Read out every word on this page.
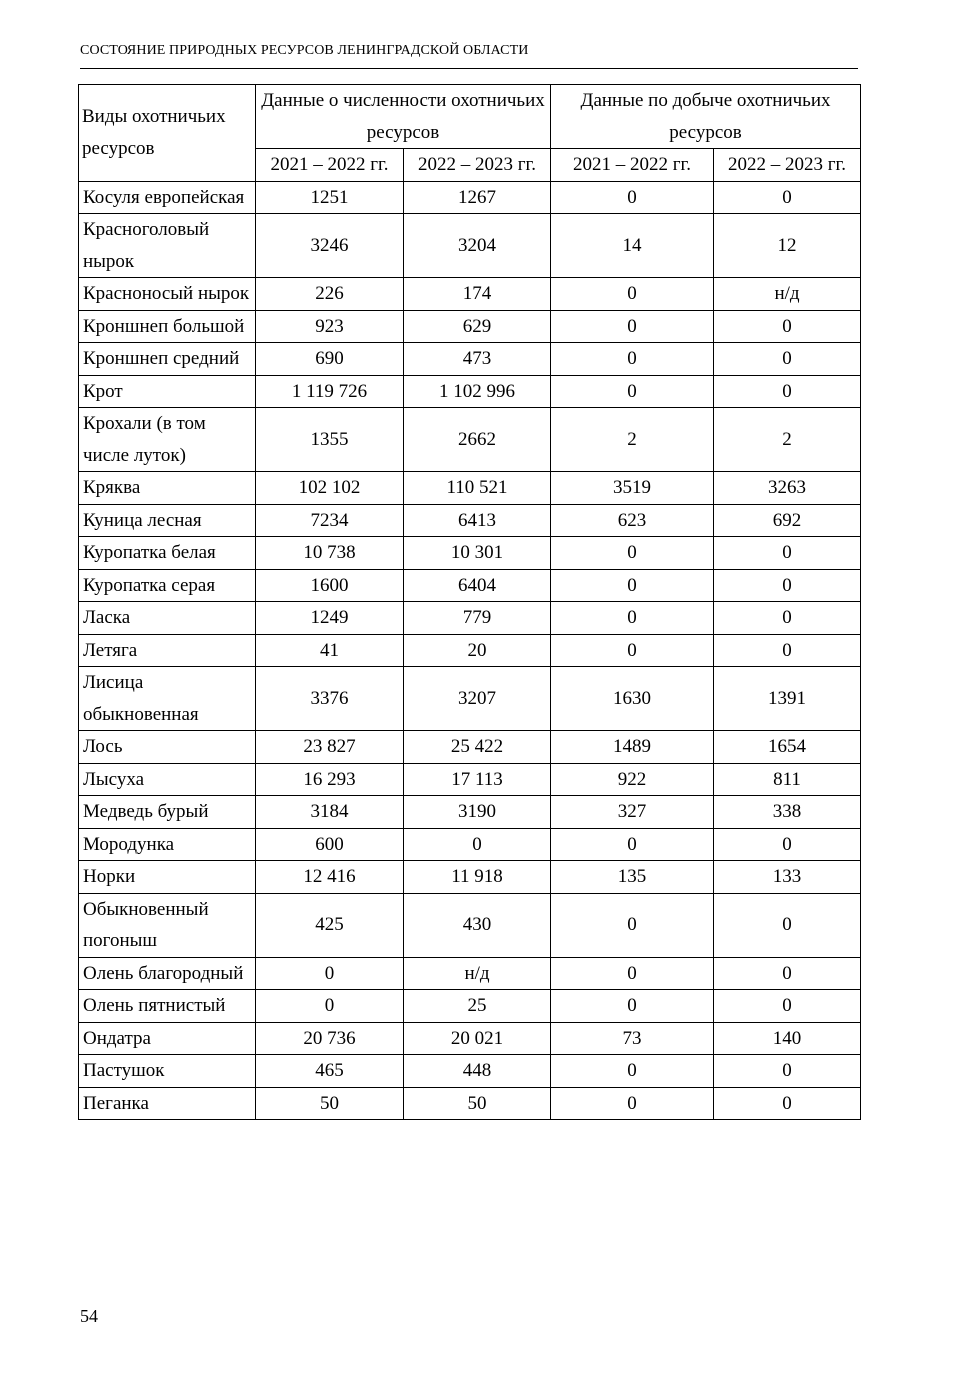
СОСТОЯНИЕ ПРИРОДНЫХ РЕСУРСОВ ЛЕНИНГРАДСКОЙ ОБЛАСТИ
Виды охотничьих ресурсов	Данные о численности охотничьих ресурсов		Данные по добыче охотничьих ресурсов	
	2021 – 2022 гг.	2022 – 2023 гг.	2021 – 2022 гг.	2022 – 2023 гг.
Косуля европейская	1251	1267	0	0
Красноголовый нырок	3246	3204	14	12
Красноносый нырок	226	174	0	н/д
Кроншнеп большой	923	629	0	0
Кроншнеп средний	690	473	0	0
Крот	1 119 726	1 102 996	0	0
Крохали (в том числе луток)	1355	2662	2	2
Кряква	102 102	110 521	3519	3263
Куница лесная	7234	6413	623	692
Куропатка белая	10 738	10 301	0	0
Куропатка серая	1600	6404	0	0
Ласка	1249	779	0	0
Летяга	41	20	0	0
Лисица обыкновенная	3376	3207	1630	1391
Лось	23 827	25 422	1489	1654
Лысуха	16 293	17 113	922	811
Медведь бурый	3184	3190	327	338
Мородунка	600	0	0	0
Норки	12 416	11 918	135	133
Обыкновенный погоныш	425	430	0	0
Олень благородный	0	н/д	0	0
Олень пятнистый	0	25	0	0
Ондатра	20 736	20 021	73	140
Пастушок	465	448	0	0
Пеганка	50	50	0	0
54
